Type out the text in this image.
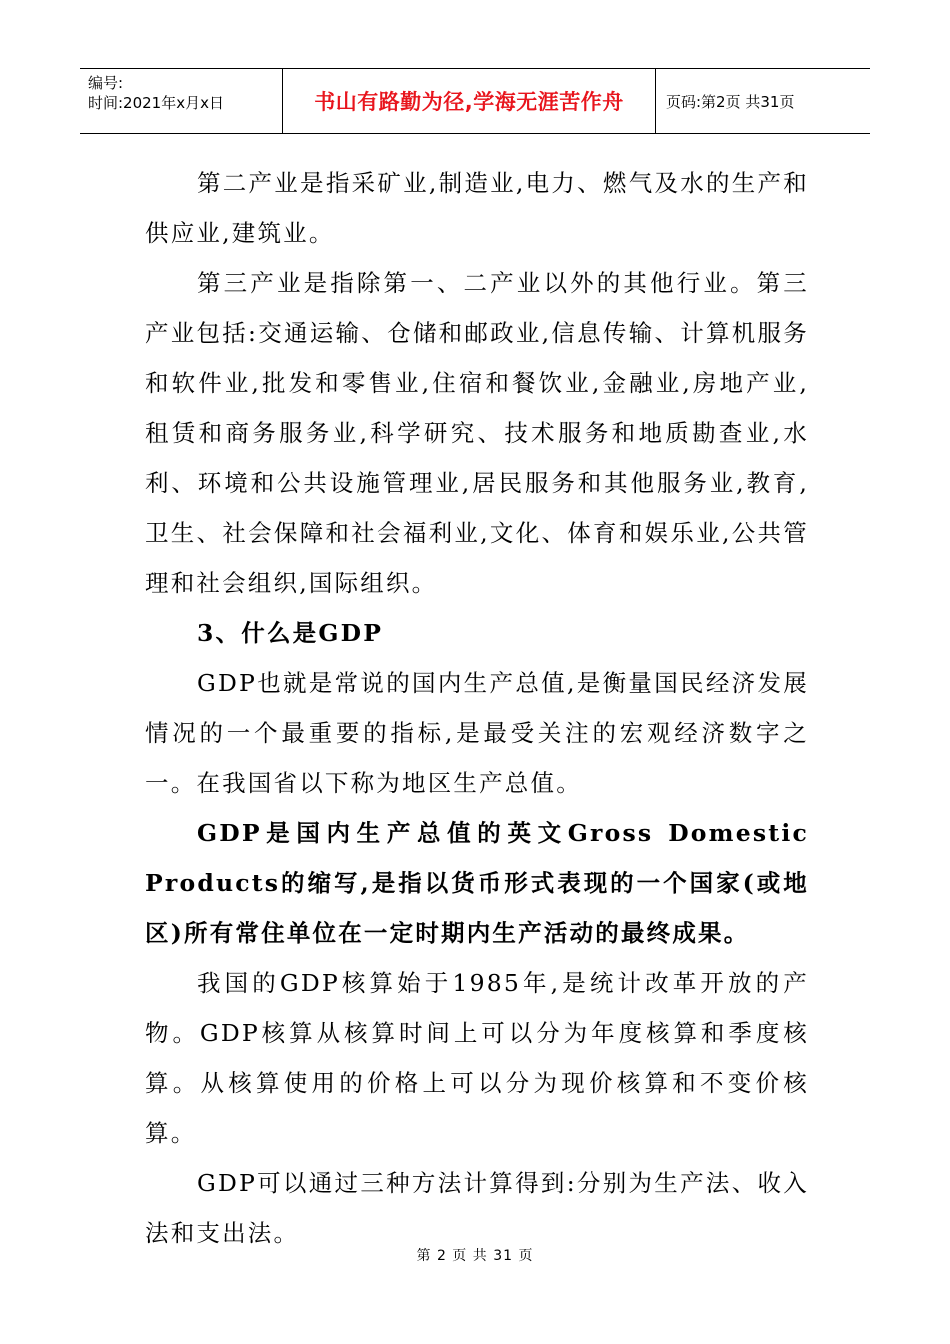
编号:
时间:2021年x月x日	书山有路勤为径,学海无涯苦作舟	页码:第2页 共31页

第二产业是指采矿业,制造业,电力、燃气及水的生产和供应业,建筑业。

第三产业是指除第一、二产业以外的其他行业。第三产业包括:交通运输、仓储和邮政业,信息传输、计算机服务和软件业,批发和零售业,住宿和餐饮业,金融业,房地产业,租赁和商务服务业,科学研究、技术服务和地质勘查业,水利、环境和公共设施管理业,居民服务和其他服务业,教育,卫生、社会保障和社会福利业,文化、体育和娱乐业,公共管理和社会组织,国际组织。

3、什么是GDP

GDP也就是常说的国内生产总值,是衡量国民经济发展情况的一个最重要的指标,是最受关注的宏观经济数字之一。在我国省以下称为地区生产总值。

GDP是国内生产总值的英文Gross Domestic Products的缩写,是指以货币形式表现的一个国家(或地区)所有常住单位在一定时期内生产活动的最终成果。

我国的GDP核算始于1985年,是统计改革开放的产物。GDP核算从核算时间上可以分为年度核算和季度核算。从核算使用的价格上可以分为现价核算和不变价核算。

GDP可以通过三种方法计算得到:分别为生产法、收入法和支出法。

第 2 页 共 31 页
